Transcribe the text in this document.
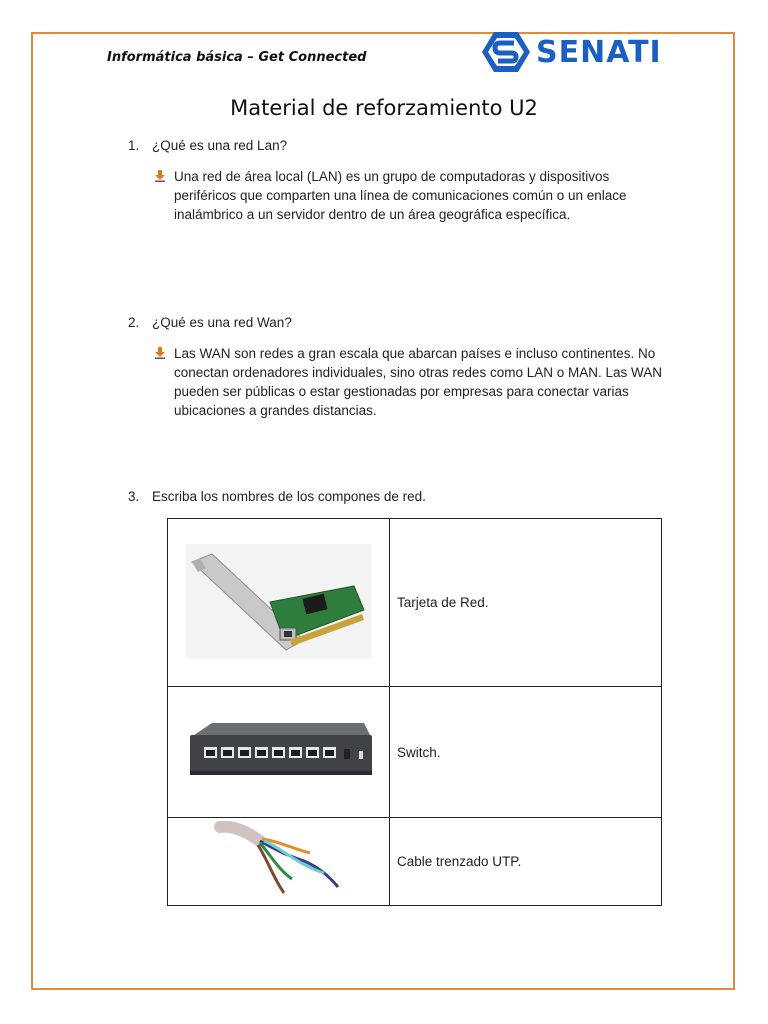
Informática básica – Get Connected	SENATI
Material de reforzamiento U2
1. ¿Qué es una red Lan?
Una red de área local (LAN) es un grupo de computadoras y dispositivos periféricos que comparten una línea de comunicaciones común o un enlace inalámbrico a un servidor dentro de un área geográfica específica.
2. ¿Qué es una red Wan?
Las WAN son redes a gran escala que abarcan países e incluso continentes. No conectan ordenadores individuales, sino otras redes como LAN o MAN. Las WAN pueden ser públicas o estar gestionadas por empresas para conectar varias ubicaciones a grandes distancias.
3. Escriba los nombres de los compones de red.
	Tarjeta de Red.
	Switch.
	Cable trenzado UTP.
